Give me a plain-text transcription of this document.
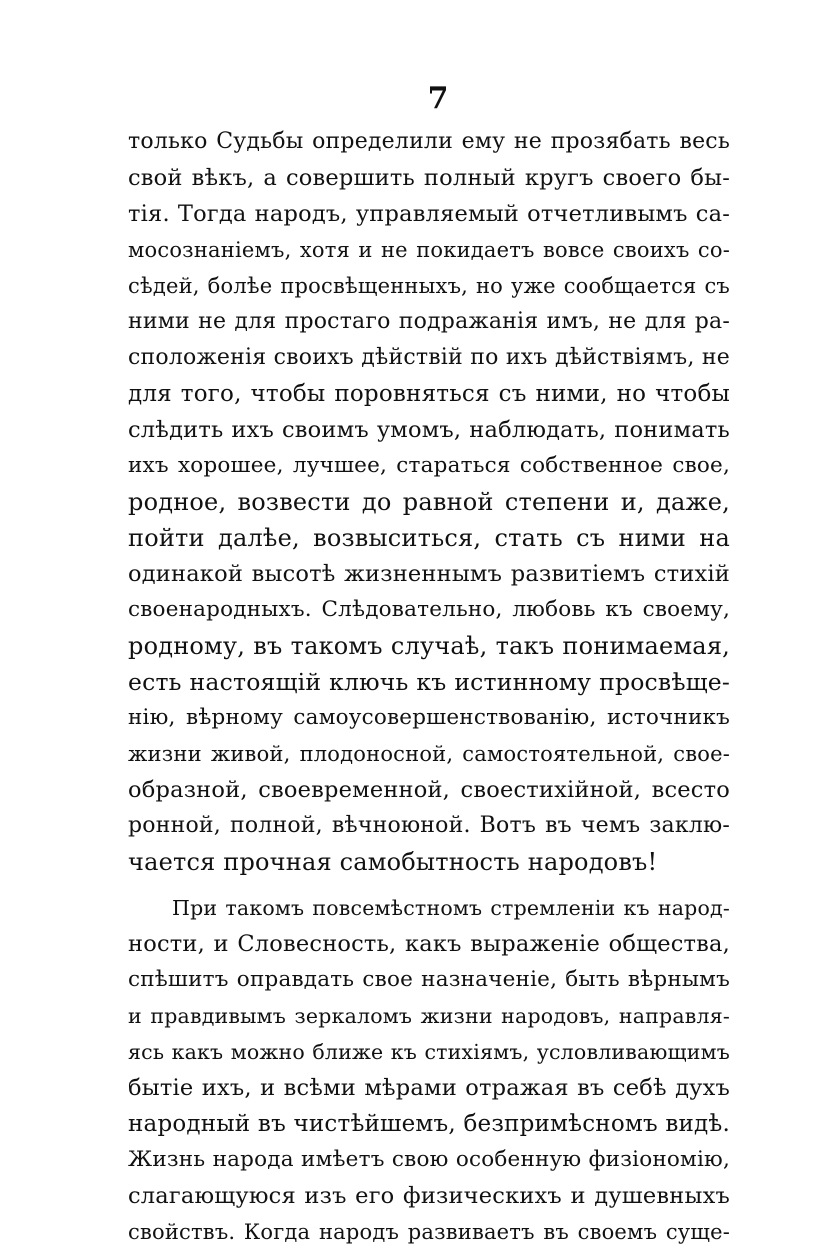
7
только Судьбы определили ему не прозябать весь
свой вѣкъ, а совершить полный кругъ своего бы-
тія. Тогда народъ, управляемый отчетливымъ са-
мосознаніемъ, хотя и не покидаетъ вовсе своихъ со-
сѣдей, болѣе просвѣщенныхъ, но уже сообщается съ
ними не для простаго подражанія имъ, не для ра-
сположенія своихъ дѣйствій по ихъ дѣйствіямъ, не
для того, чтобы поровняться съ ними, но чтобы
слѣдить ихъ своимъ умомъ, наблюдать, понимать
ихъ хорошее, лучшее, стараться собственное свое,
родное, возвести до равной степени и, даже,
пойти далѣе, возвыситься, стать съ ними на
одинакой высотѣ жизненнымъ развитіемъ стихій
своенародныхъ. Слѣдовательно, любовь къ своему,
родному, въ такомъ случаѣ, такъ понимаемая,
есть настоящій ключь къ истинному просвѣще-
нію, вѣрному самоусовершенствованію, источникъ
жизни живой, плодоносной, самостоятельной, свое-
образной, своевременной, своестихійной, всесто
ронной, полной, вѣчноюной. Вотъ въ чемъ заклю-
чается прочная самобытность народовъ!
При такомъ повсемѣстномъ стремленіи къ народ-
ности, и Словесность, какъ выраженіе общества,
спѣшитъ оправдать свое назначеніе, быть вѣрнымъ
и правдивымъ зеркаломъ жизни народовъ, направля-
ясь какъ можно ближе къ стихіямъ, условливающимъ
бытіе ихъ, и всѣми мѣрами отражая въ себѣ духъ
народный въ чистѣйшемъ, безпримѣсномъ видѣ.
Жизнь народа имѣетъ свою особенную физіономію,
слагающуюся изъ его физическихъ и душевныхъ
свойствъ. Когда народъ развиваетъ въ своемъ суще-
